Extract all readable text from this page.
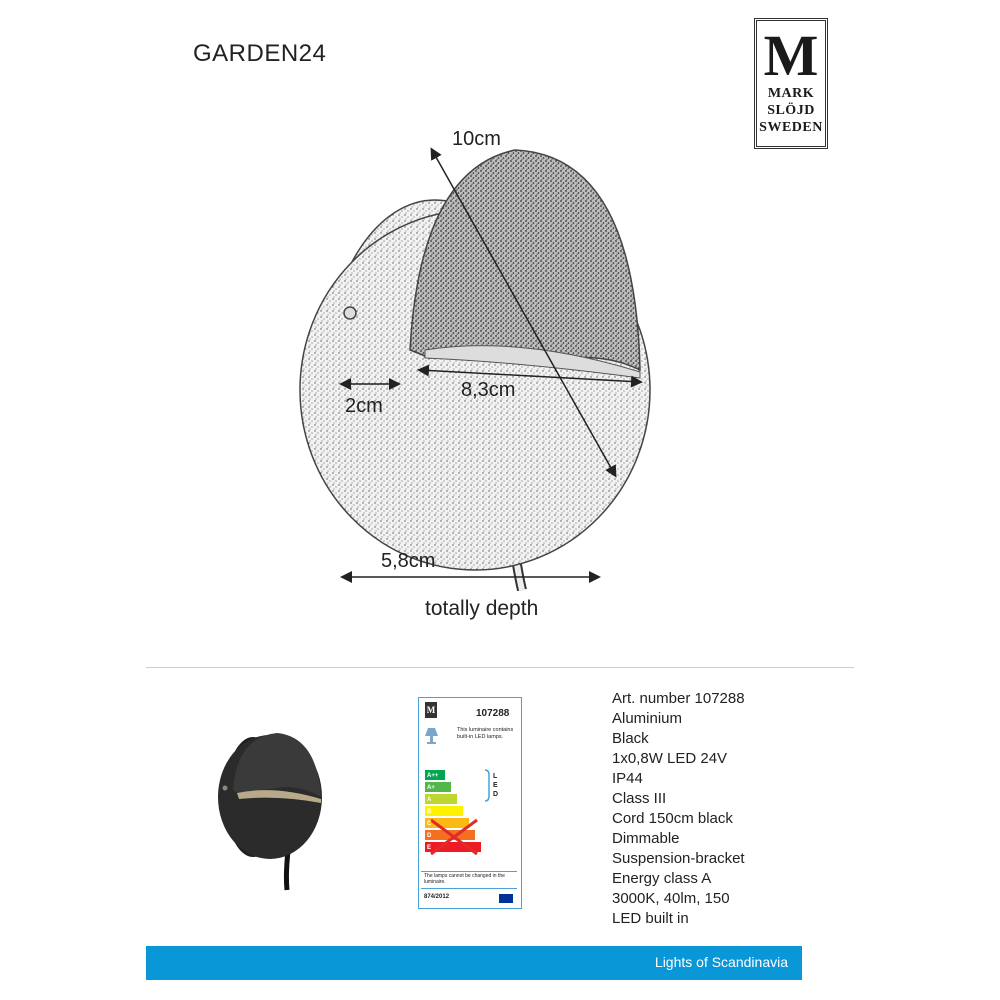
GARDEN24	M
MARK
SLÖJD
SWEDEN
10cm
8,3cm
2cm
5,8cm
totally depth
M	107288
This luminaire contains built-in LED lamps.
LED
A++
A+
A
B
C
D
E
The lamps cannot be changed in the luminaire.
874/2012
Art. number 107288
Aluminium
Black
1x0,8W LED 24V
IP44
Class III
Cord 150cm black
Dimmable
Suspension-bracket
Energy class A
3000K, 40lm, 150
LED built in
Lights of Scandinavia
